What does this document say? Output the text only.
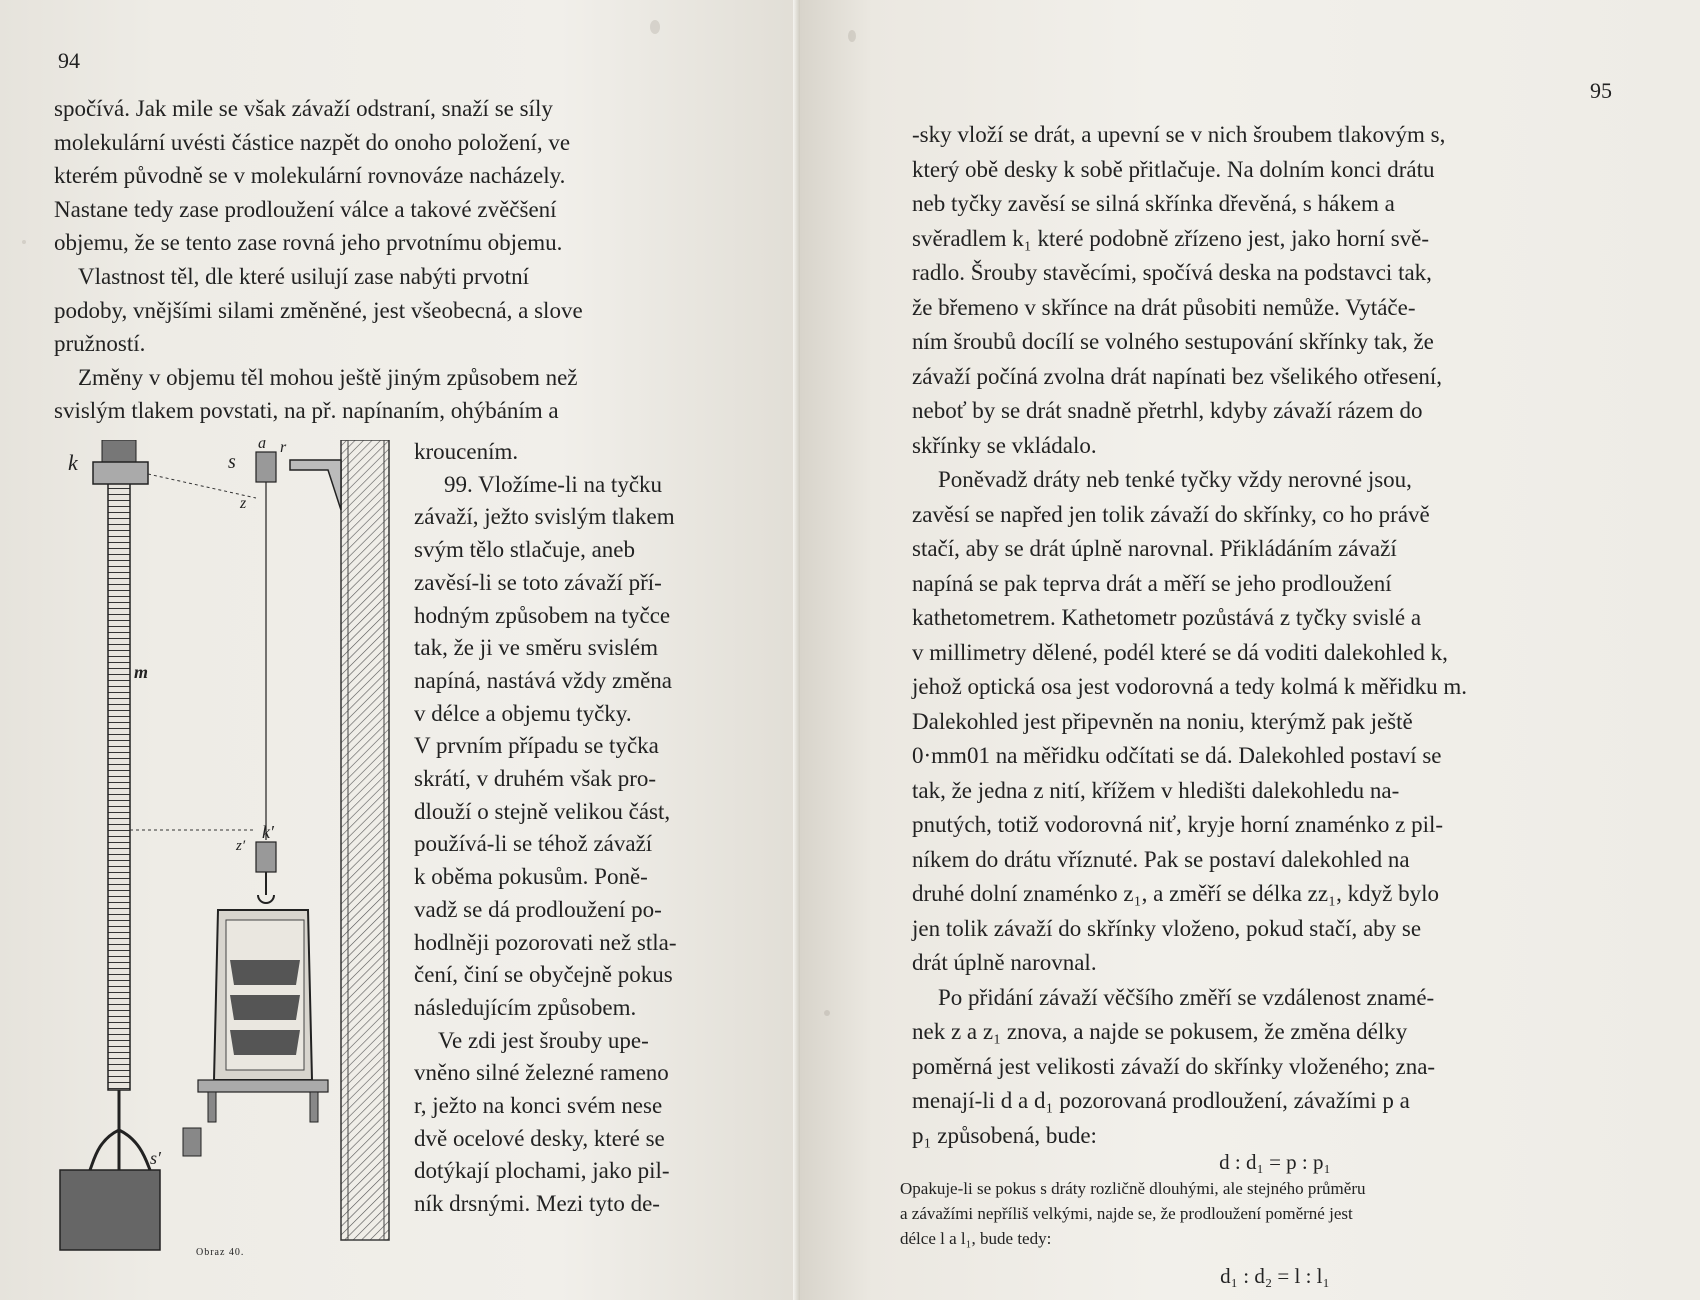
94
spočívá. Jak mile se však závaží odstraní, snaží se síly
molekulární uvésti částice nazpět do onoho položení, ve
kterém původně se v molekulární rovnováze nacházely.
Nastane tedy zase prodloužení válce a takové zvěčšení
objemu, že se tento zase rovná jeho prvotnímu objemu.
Vlastnost těl, dle které usilují zase nabýti prvotní
podoby, vnějšími silami změněné, jest všeobecná, a slove
pružností.
Změny v objemu těl mohou ještě jiným způsobem než
svislým tlakem povstati, na př. napínaním, ohýbáním a
kroucením.
99. Vložíme-li na tyčku
závaží, ježto svislým tlakem
svým tělo stlačuje, aneb
zavěsí-li se toto závaží pří-
hodným způsobem na tyčce
tak, že ji ve směru svislém
napíná, nastává vždy změna
v délce a objemu tyčky.
V prvním případu se tyčka
skrátí, v druhém však pro-
dlouží o stejně velikou část,
používá-li se téhož závaží
k oběma pokusům. Poně-
vadž se dá prodloužení po-
hodlněji pozorovati než stla-
čení, činí se obyčejně pokus
následujícím způsobem.
Ve zdi jest šrouby upe-
vněno silné železné rameno
r, ježto na konci svém nese
dvě ocelové desky, které se
dotýkají plochami, jako pil-
ník drsnými. Mezi tyto de-
k	s
d r
z
m
z′
k′
s′
Obraz 40.
95
-sky vloží se drát, a upevní se v nich šroubem tlakovým s,
který obě desky k sobě přitlačuje. Na dolním konci drátu
neb tyčky zavěsí se silná skřínka dřevěná, s hákem a
svěradlem k₁ které podobně zřízeno jest, jako horní svě-
radlo. Šrouby stavěcími, spočívá deska na podstavci tak,
že břemeno v skřínce na drát působiti nemůže. Vytáče-
ním šroubů docílí se volného sestupování skřínky tak, že
závaží počíná zvolna drát napínati bez všelikého otřesení,
neboť by se drát snadně přetrhl, kdyby závaží rázem do
skřínky se vkládalo.
Poněvadž dráty neb tenké tyčky vždy nerovné jsou,
zavěsí se napřed jen tolik závaží do skřínky, co ho právě
stačí, aby se drát úplně narovnal. Přikládáním závaží
napíná se pak teprva drát a měří se jeho prodloužení
kathetometrem. Kathetometr pozůstává z tyčky svislé a
v millimetry dělené, podél které se dá voditi dalekohled k,
jehož optická osa jest vodorovná a tedy kolmá k měřidku m.
Dalekohled jest připevněn na noniu, kterýmž pak ještě
0·mm01 na měřidku odčítati se dá. Dalekohled postaví se
tak, že jedna z nití, křížem v hledišti dalekohledu na-
pnutých, totiž vodorovná niť, kryje horní znaménko z pil-
níkem do drátu vříznuté. Pak se postaví dalekohled na
druhé dolní znaménko z₁, a změří se délka zz₁, když bylo
jen tolik závaží do skřínky vloženo, pokud stačí, aby se
drát úplně narovnal.
Po přidání závaží věčšího změří se vzdálenost znamé-
nek z a z₁ znova, a najde se pokusem, že změna délky
poměrná jest velikosti závaží do skřínky vloženého; zna-
menají-li d a d₁ pozorovaná prodloužení, závažími p a
p₁ způsobená, bude:
d : d₁ = p : p₁
Opakuje-li se pokus s dráty rozličně dlouhými, ale stejného průměru
a závažími nepříliš velkými, najde se, že prodloužení poměrné jest
délce l a l₁, bude tedy:
d₁ : d₂ = l : l₁
